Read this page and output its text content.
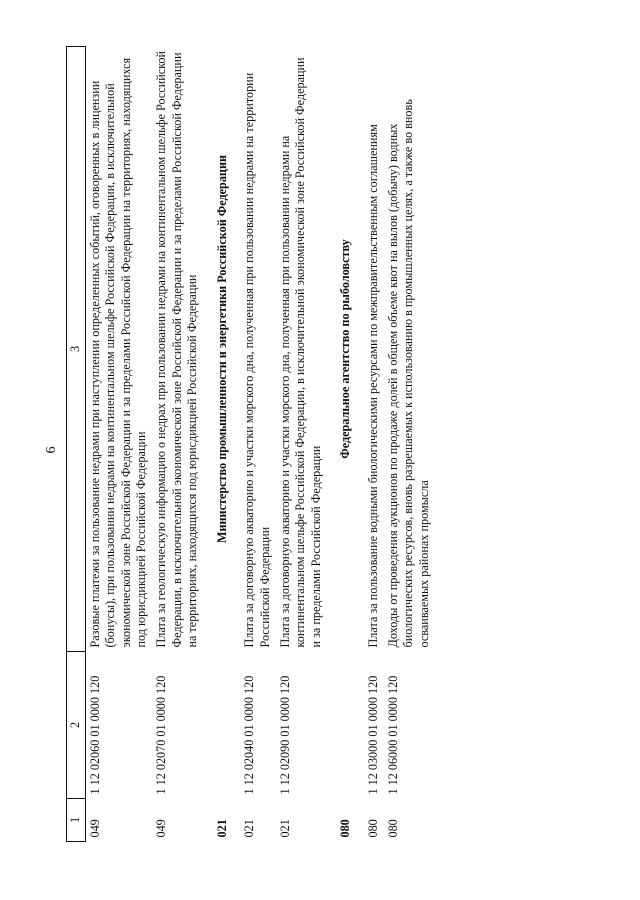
6
1	2	3
049	1 12 02060 01 0000 120	Разовые платежи за пользование недрами при наступлении определенных событий, оговоренных в лицензии (бонусы), при пользовании недрами на континентальном шельфе Российской Федерации, в исключительной экономической зоне Российской Федерации и за пределами Российской Федерации на территориях, находящихся под юрисдикцией Российской Федерации
049	1 12 02070 01 0000 120	Плата за геологическую информацию о недрах при пользовании недрами на континентальном шельфе Российской Федерации, в исключительной экономической зоне Российской Федерации и за пределами Российской Федерации на территориях, находящихся под юрисдикцией Российской Федерации
021		Министерство промышленности и энергетики Российской Федерации
021	1 12 02040 01 0000 120	Плата за договорную акваторию и участки морского дна, полученная при пользовании недрами на территории Российской Федерации
021	1 12 02090 01 0000 120	Плата за договорную акваторию и участки морского дна, полученная при пользовании недрами на континентальном шельфе Российской Федерации, в исключительной экономической зоне Российской Федерации и за пределами Российской Федерации
080		Федеральное агентство по рыболовству
080	1 12 03000 01 0000 120	Плата за пользование водными биологическими ресурсами по межправительственным соглашениям
080	1 12 06000 01 0000 120	Доходы от проведения аукционов по продаже долей в общем объеме квот на вылов (добычу) водных биологических ресурсов, вновь разрешаемых к использованию в промышленных целях, а также во вновь осваиваемых районах промысла
